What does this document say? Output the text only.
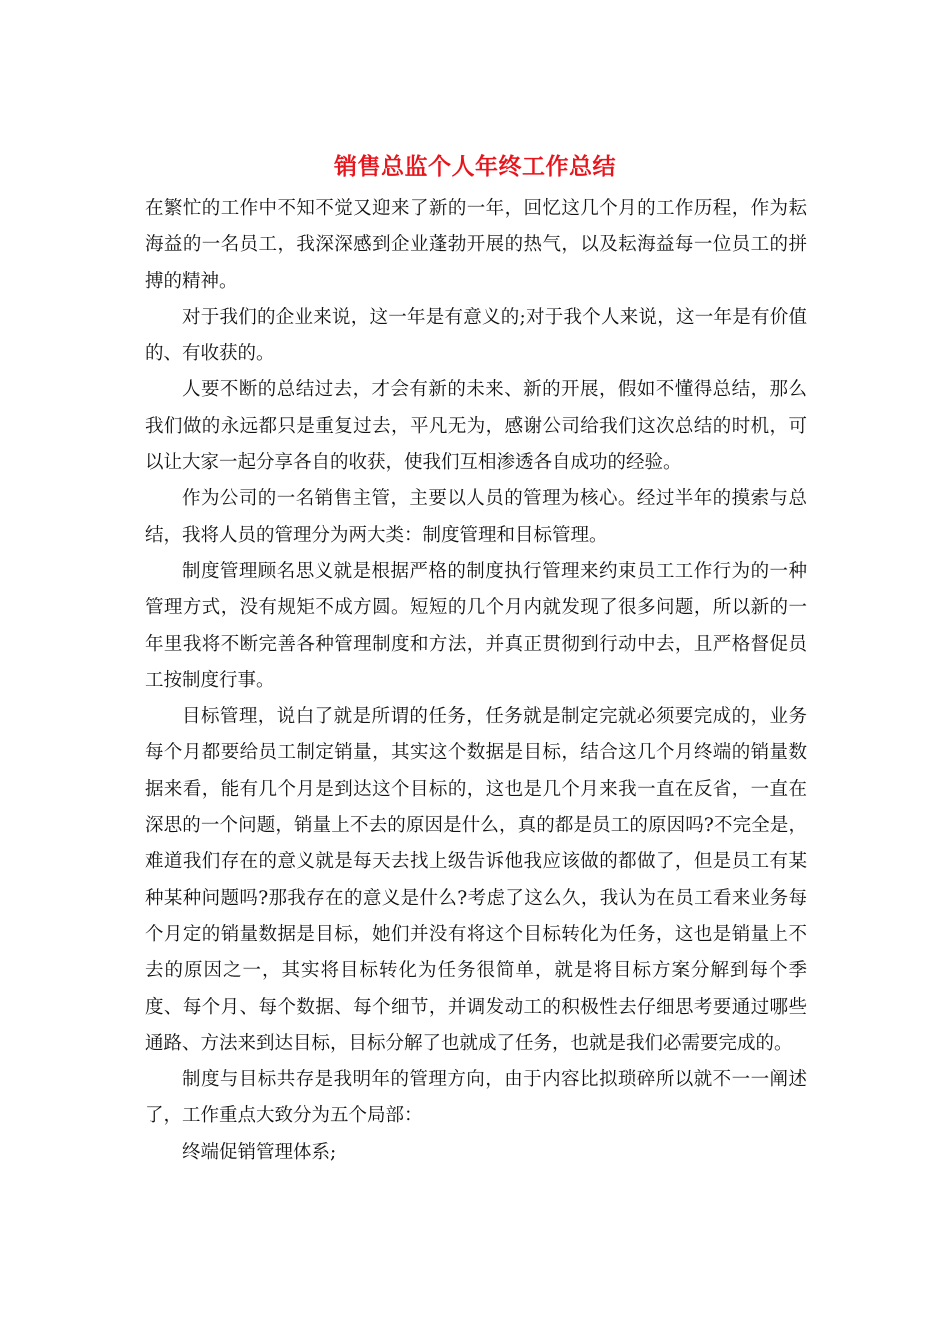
销售总监个人年终工作总结

在繁忙的工作中不知不觉又迎来了新的一年，回忆这几个月的工作历程，作为耘海益的一名员工，我深深感到企业蓬勃开展的热气，以及耘海益每一位员工的拼搏的精神。

对于我们的企业来说，这一年是有意义的;对于我个人来说，这一年是有价值的、有收获的。

人要不断的总结过去，才会有新的未来、新的开展，假如不懂得总结，那么我们做的永远都只是重复过去，平凡无为，感谢公司给我们这次总结的时机，可以让大家一起分享各自的收获，使我们互相渗透各自成功的经验。

作为公司的一名销售主管，主要以人员的管理为核心。经过半年的摸索与总结，我将人员的管理分为两大类：制度管理和目标管理。

制度管理顾名思义就是根据严格的制度执行管理来约束员工工作行为的一种管理方式，没有规矩不成方圆。短短的几个月内就发现了很多问题，所以新的一年里我将不断完善各种管理制度和方法，并真正贯彻到行动中去，且严格督促员工按制度行事。

目标管理，说白了就是所谓的任务，任务就是制定完就必须要完成的，业务每个月都要给员工制定销量，其实这个数据是目标，结合这几个月终端的销量数据来看，能有几个月是到达这个目标的，这也是几个月来我一直在反省，一直在深思的一个问题，销量上不去的原因是什么，真的都是员工的原因吗?不完全是，难道我们存在的意义就是每天去找上级告诉他我应该做的都做了，但是员工有某种某种问题吗?那我存在的意义是什么?考虑了这么久，我认为在员工看来业务每个月定的销量数据是目标，她们并没有将这个目标转化为任务，这也是销量上不去的原因之一，其实将目标转化为任务很简单，就是将目标方案分解到每个季度、每个月、每个数据、每个细节，并调发动工的积极性去仔细思考要通过哪些通路、方法来到达目标，目标分解了也就成了任务，也就是我们必需要完成的。

制度与目标共存是我明年的管理方向，由于内容比拟琐碎所以就不一一阐述了，工作重点大致分为五个局部：

终端促销管理体系;
